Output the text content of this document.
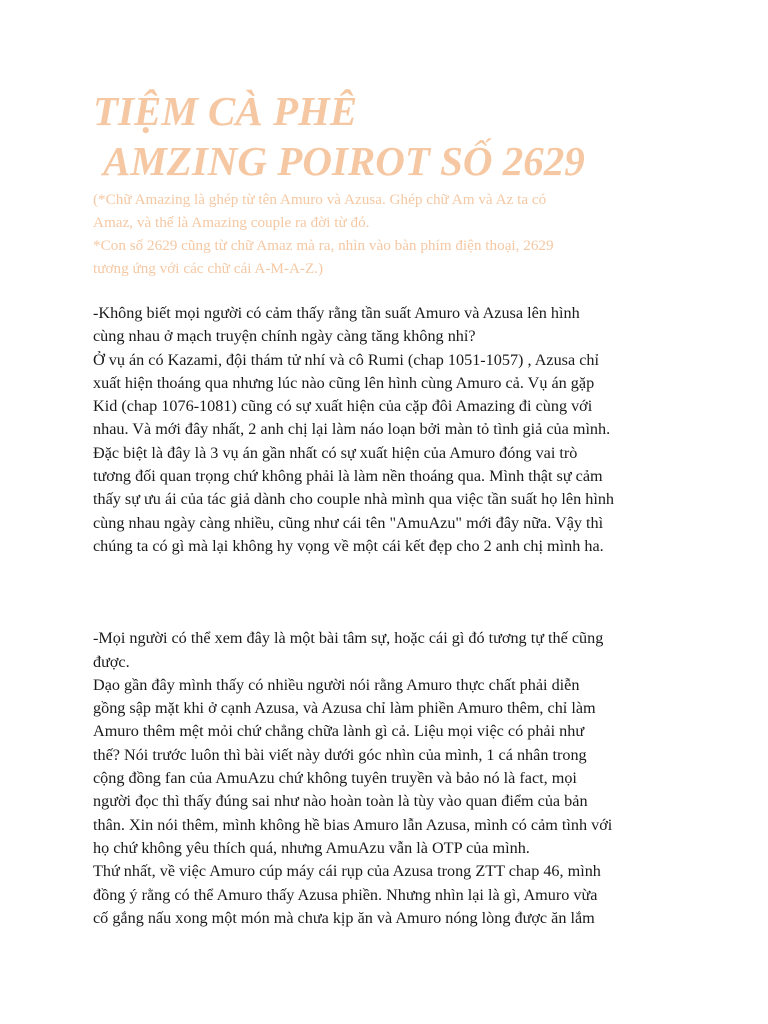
TIỆM CÀ PHÊ
AMZING POIROT SỐ 2629
(*Chữ Amazing là ghép từ tên Amuro và Azusa. Ghép chữ Am và Az ta có
Amaz, và thế là Amazing couple ra đời từ đó.
*Con số 2629 cũng từ chữ Amaz mà ra, nhìn vào bàn phím điện thoại, 2629
tương ứng với các chữ cái A-M-A-Z.)
-Không biết mọi người có cảm thấy rằng tần suất Amuro và Azusa lên hình
cùng nhau ở mạch truyện chính ngày càng tăng không nhỉ?
Ở vụ án có Kazami, đội thám tử nhí và cô Rumi (chap 1051-1057) , Azusa chỉ
xuất hiện thoáng qua nhưng lúc nào cũng lên hình cùng Amuro cả. Vụ án gặp
Kid (chap 1076-1081) cũng có sự xuất hiện của cặp đôi Amazing đi cùng với
nhau. Và mới đây nhất, 2 anh chị lại làm náo loạn bởi màn tỏ tình giả của mình.
Đặc biệt là đây là 3 vụ án gần nhất có sự xuất hiện của Amuro đóng vai trò
tương đối quan trọng chứ không phải là làm nền thoáng qua. Mình thật sự cảm
thấy sự ưu ái của tác giả dành cho couple nhà mình qua việc tần suất họ lên hình
cùng nhau ngày càng nhiều, cũng như cái tên "AmuAzu" mới đây nữa. Vậy thì
chúng ta có gì mà lại không hy vọng về một cái kết đẹp cho 2 anh chị mình ha.
-Mọi người có thể xem đây là một bài tâm sự, hoặc cái gì đó tương tự thế cũng
được.
Dạo gần đây mình thấy có nhiều người nói rằng Amuro thực chất phải diễn
gồng sập mặt khi ở cạnh Azusa, và Azusa chỉ làm phiền Amuro thêm, chỉ làm
Amuro thêm mệt mỏi chứ chẳng chữa lành gì cả. Liệu mọi việc có phải như
thế? Nói trước luôn thì bài viết này dưới góc nhìn của mình, 1 cá nhân trong
cộng đồng fan của AmuAzu chứ không tuyên truyền và bảo nó là fact, mọi
người đọc thì thấy đúng sai như nào hoàn toàn là tùy vào quan điểm của bản
thân. Xin nói thêm, mình không hề bias Amuro lẫn Azusa, mình có cảm tình với
họ chứ không yêu thích quá, nhưng AmuAzu vẫn là OTP của mình.
Thứ nhất, về việc Amuro cúp máy cái rụp của Azusa trong ZTT chap 46, mình
đồng ý rằng có thể Amuro thấy Azusa phiền. Nhưng nhìn lại là gì, Amuro vừa
cố gắng nấu xong một món mà chưa kịp ăn và Amuro nóng lòng được ăn lắm
